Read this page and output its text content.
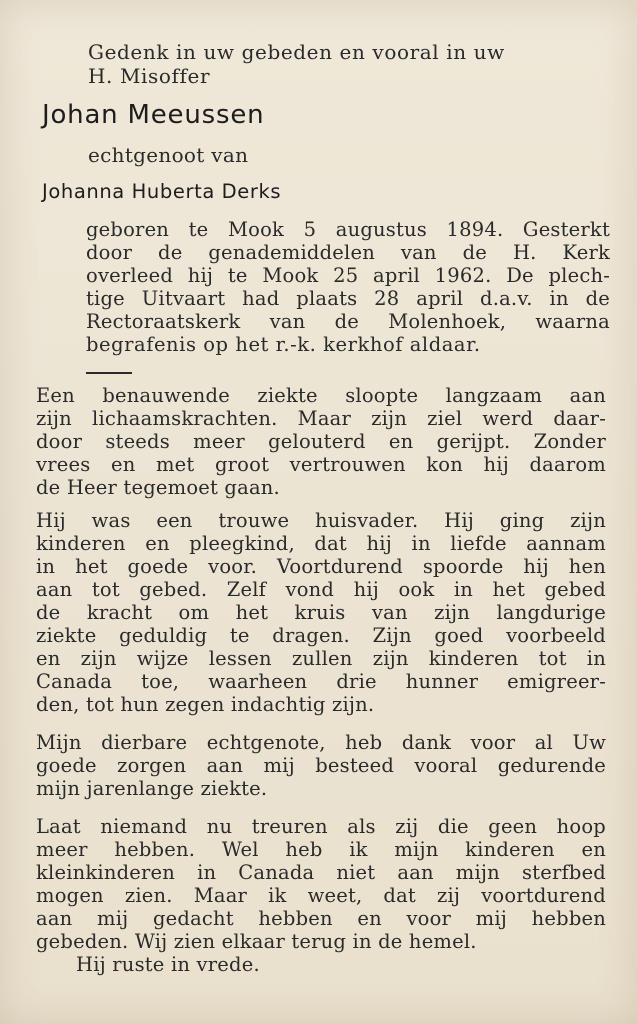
Gedenk in uw gebeden en vooral in uw
H. Misoffer
Johan Meeussen
echtgenoot van
Johanna Huberta Derks
geboren te Mook 5 augustus 1894. Gesterkt
door de genademiddelen van de H. Kerk
overleed hij te Mook 25 april 1962. De plech-
tige Uitvaart had plaats 28 april d.a.v. in de
Rectoraatskerk van de Molenhoek, waarna
begrafenis op het r.-k. kerkhof aldaar.
Een benauwende ziekte sloopte langzaam aan
zijn lichaamskrachten. Maar zijn ziel werd daar-
door steeds meer gelouterd en gerijpt. Zonder
vrees en met groot vertrouwen kon hij daarom
de Heer tegemoet gaan.
Hij was een trouwe huisvader. Hij ging zijn
kinderen en pleegkind, dat hij in liefde aannam
in het goede voor. Voortdurend spoorde hij hen
aan tot gebed. Zelf vond hij ook in het gebed
de kracht om het kruis van zijn langdurige
ziekte geduldig te dragen. Zijn goed voorbeeld
en zijn wijze lessen zullen zijn kinderen tot in
Canada toe, waarheen drie hunner emigreer-
den, tot hun zegen indachtig zijn.
Mijn dierbare echtgenote, heb dank voor al Uw
goede zorgen aan mij besteed vooral gedurende
mijn jarenlange ziekte.
Laat niemand nu treuren als zij die geen hoop
meer hebben. Wel heb ik mijn kinderen en
kleinkinderen in Canada niet aan mijn sterfbed
mogen zien. Maar ik weet, dat zij voortdurend
aan mij gedacht hebben en voor mij hebben
gebeden. Wij zien elkaar terug in de hemel.
Hij ruste in vrede.
